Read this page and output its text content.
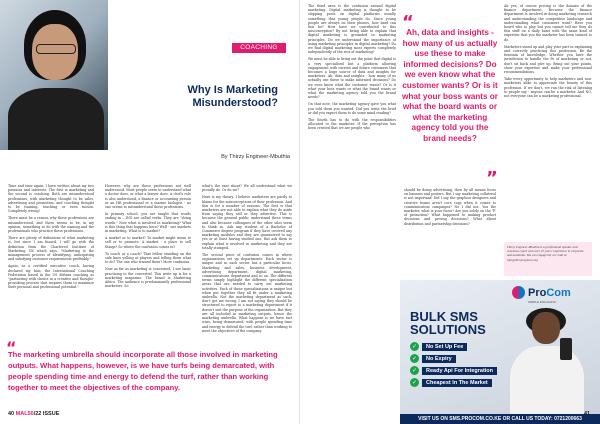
COACHING
Why Is Marketing Misunderstood?
By Thirzy Engineer-Mbuthia

Time and time again, I have written about my two passions and interests. The first is marketing and the second is coaching. Both are misunderstood professions, with marketing thought to be sales, advertising and promotion, and coaching thought to be training, teaching or even tuition. Completely wrong!

There must be a reason why these professions are misunderstood, and there seems to be, in my opinion, something to do with the naming and the professionals who practice these professions.

There are plenty of definitions of what marketing is, but since I am biased, I will go with the definition from the Chartered Institute of Marketing UK which says, "Marketing is the management process of identifying, anticipating and satisfying customer requirements profitably."

Again, as a certified executive coach, having declared my bias, the International Coaching Federation based in the US defines coaching as "partnering with clients in a creative and thought-provoking process that inspires them to maximize their personal and professional potential."

However, why are these professions not well understood. Most people seem to understand what a doctor does, or what a lawyer does. A chef's role is also understood, a finance or accounting person or an HR professional or a marine biologist - no one seems to misunderstand these professions.

In primary school, you are taught that words ending in ...ING are called verbs. They are "doing words." Now what is involved in marketing? What is this thing that happens here? Well - one markets in marketing. What is to market?

A market or to market? To market might mean to sell or to promote. A market - a place to sell things? So where the confusion comes in?

To coach or a coach? That fellow standing on the side lines yelling at players and telling them what to do? The one who trained them? More confusion.

Now as far as marketing is concerned, I see basic practising to the converted. This write up is for a marketing magazine. The brand is Marketing Africa. The audience is predominantly professional marketers. So

what's the rant about? We all understand what we proudly do. Or do we?

Here is my theory. I believe marketers are partly to blame for the misconceptions of their profession. And this is for a number of reasons. The first is that marketers are not able to explain what they do aside from saying they sell or they advertise. This is because the general public understand these terms and also because colleagues of the other silos seem to think so. Ask any student of a Bachelor of Commerce degree program if they have covered any marketing modules and they are guaranteed to say yes or at least having studied one. But ask them to explain what is involved in marketing and they are totally stumped.

The second piece of confusion comes in where organizations set up departments. Each sector is unique and so each sector has a particular focus. Marketing and sales, business development, advertising department, digital marketing, communications department and so on. The different terms simply highlight the different specialization areas that are needed to carry out marketing activities. Each of these specializations is unique but when put together they all fit under a marketing umbrella. Not the marketing department as such, don't get me wrong, I am not saying they should be structured to report to a marketing department if it doesn't suit the purpose of the organization. But they are all included in marketing outputs, hence the marketing umbrella. What happens is we have turf wars, being demarcated, with people spending time and energy to defend the turf, rather than working to meet the objectives of the company.

“
The marketing umbrella should incorporate all those involved in marketing outputs. What happens, however, is we have turfs being demarcated, with people spending time and energy to defend the turf, rather than working together to meet the objectives of the company.
40 MAL50/22 ISSUE

The third area is the confusion around digital marketing. Digital marketing is thought to be slapping posts on digital platforms usually something that young people do. Since young people are always on their phones, how hard can this be? How have we contributed to this misconception? By not being able to explain that digital marketing is grounded in marketing principles. Do we understand the importance of using marketing principles in digital marketing? Do we find digital marketing most experts completely independently of the rest of marketing?

We must be able to bring out the point that digital is a very specialised but a platform allowing engagement with current and future customers that becomes a huge source of data and insights for marketers. Ah, data and insights - how many of us actually use these to make informed decisions? Do we even know what the customer wants? Or is it what your boss wants or what the brand wants or what the marketing agency told you the brand needs?

On that note, the marketing agency gave you what you told them you wanted. Did you write the brief or did you expect them to do some mind reading?

The fourth has to do with the responsibilities allocated to the marketer. If the perception has been created that we are people who

should be doing advertising, then by all means focus on banners and posters. But I say marketing collateral is not important! Did I say the graphics designers and creative teams aren't core cogs when it comes to communication campaigns? No I did not. You the marketer, what is your focus? Are you solely on the 'P' of promotion? What happened to making product decisions and pricing decisions? What about distribution and partnership decisions?

Ah yes, of course pricing is the domain of the finance department. Because the finance department is involved in doing marketing research and understanding the competitive landscape and understanding what customers want? Have you heard who to play but you cannot tell me they do this stuff on a daily basis with the same kind of expertise that you the marketer has been trained to do.

Marketers stand up and play your part in explaining and correctly practicing this profession. Be the fountain of knowledge. Whether you have the jurisdiction to handle the Ps of marketing or not, don't sit back and give up. Bring out your points, show your expertise and make your professional recommendations.

Take every opportunity to help marketers and non-marketers alike to appreciate the beauty of this profession. If we don't, we run the risk of listening to people say - anyone can be a marketer. And NO, not everyone can be a marketing professional.

“
Ah, data and insights - how many of us actually use these to make informed decisions? Do we even know what the customer wants? Or is it what your boss wants or what the board wants or what the marketing agency told you the brand needs?
”
Thirzy Engineer-Mbuthia is a professional speaker and executive coach with over 25 years' experience in corporate and academia. You can engage her on: mail at info@thirzyengineer.org
ProCom
SIMPLE ENGAGING
BULK SMS
SOLUTIONS
✓	No Set Up Fee
✓	No Expiry
✓	Ready Api For Integration
✓	Cheapest In The Market
VISIT US ON SMS.PROCOM.CO.KE OR CALL US TODAY: 0721200663
41
